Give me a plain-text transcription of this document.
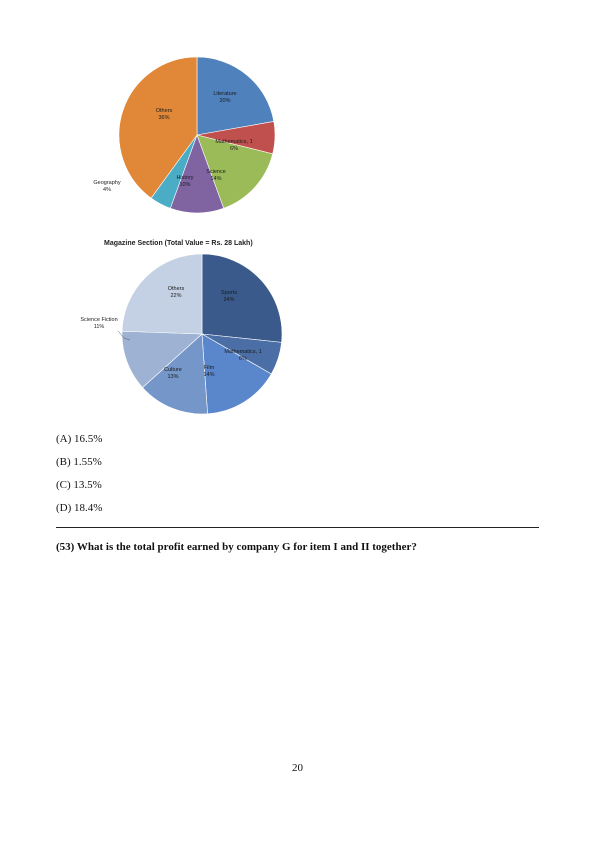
Literature
20%
Mathematics, 1
6%
Science
14%
History
10%
Geography
4%
Others
36%
Sports
24%
Mathematics, 1
6%
Film
14%
Culture
13%
Science Fiction
11%
Others
22%
Magazine Section (Total Value = Rs. 28 Lakh)
(A) 16.5%
(B) 1.55%
(C) 13.5%
(D) 18.4%
(53) What is the total profit earned by company G for item I and II together?
20
